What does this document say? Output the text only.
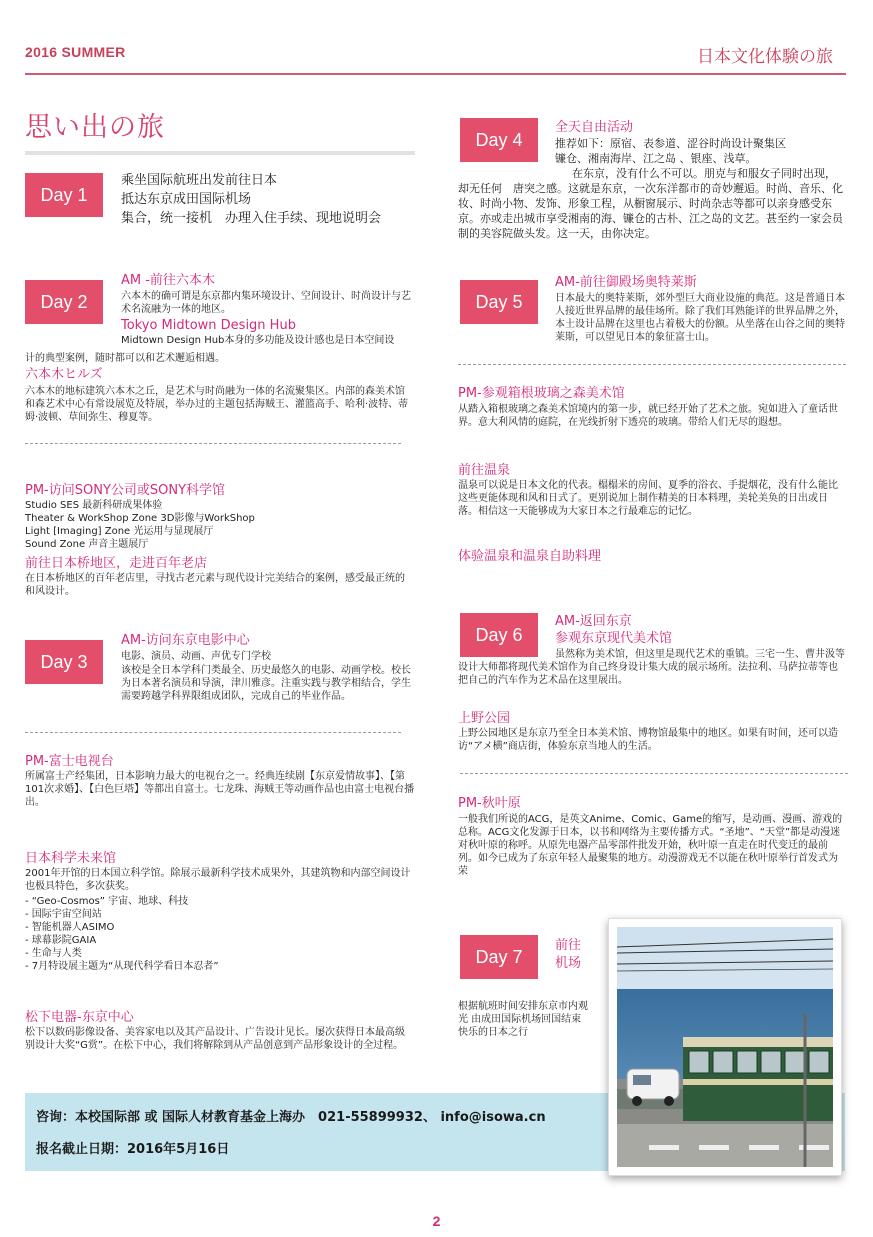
2016 SUMMER	日本文化体験の旅
思い出の旅
Day 1

乘坐国际航班出发前往日本

抵达东京成田国际机场

集合，统一接机　办理入住手续、现地说明会

Day 2
AM -前往六本木
六本木的确可谓是东京都内集环境设计、空间设计、时尚设计与艺术名流融为一体的地区。
Tokyo Midtown Design Hub
Midtown Design Hub本身的多功能及设计感也是日本空间设
计的典型案例，随时都可以和艺术邂逅相遇。
六本木ヒルズ
六本木的地标建筑六本木之丘，是艺术与时尚融为一体的名流聚集区。内部的森美术馆和森艺术中心有常设展览及特展，举办过的主题包括海贼王、灌篮高手、哈利·波特、蒂姆·波顿、草间弥生、穆夏等。
PM-访问SONY公司或SONY科学馆

Studio SES 最新科研成果体验

Theater & WorkShop Zone 3D影像与WorkShop

Light [Imaging] Zone 光运用与显现展厅

Sound Zone 声音主题展厅

前往日本桥地区，走进百年老店
在日本桥地区的百年老店里，寻找古老元素与现代设计完美结合的案例，感受最正统的和风设计。
Day 3
AM-访问东京电影中心
电影、演员、动画、声优专门学校
该校是全日本学科门类最全、历史最悠久的电影、动画学校。校长为日本著名演员和导演，津川雅彦。注重实践与教学相结合，学生需要跨越学科界限组成团队，完成自己的毕业作品。
PM-富士电视台
所属富士产经集团，日本影响力最大的电视台之一。经典连续剧【东京爱情故事】、【第101次求婚】、【白色巨塔】等都出自富士。七龙珠、海贼王等动画作品也由富士电视台播出。
日本科学未来馆
2001年开馆的日本国立科学馆。除展示最新科学技术成果外，其建筑物和内部空间设计也极具特色，多次获奖。

- “Geo-Cosmos” 宇宙、地球、科技

- 国际宇宙空间站

- 智能机器人ASIMO

- 球幕影院GAIA

- 生命与人类

- 7月特设展主题为“从现代科学看日本忍者”

松下电器-东京中心
松下以数码影像设备、美容家电以及其产品设计、广告设计见长。屡次获得日本最高级别设计大奖“G赏”。在松下中心，我们将解除到从产品创意到产品形象设计的全过程。
Day 4
全天自由活动

推荐如下：原宿、表参道、涩谷时尚设计聚集区

镰仓、湘南海岸、江之岛 、银座、浅草。

在东京，没有什么不可以。朋克与和服女子同时出现，
却无任何　唐突之感。这就是东京，一次东洋都市的奇妙邂逅。时尚、音乐、化妆、时尚小物、发饰、形象工程，从橱窗展示、时尚杂志等都可以亲身感受东京。亦或走出城市享受湘南的海、镰仓的古朴、江之岛的文艺。甚至约一家会员制的美容院做头发。这一天，由你决定。
Day 5
AM-前往御殿场奥特莱斯
日本最大的奥特莱斯，郊外型巨大商业设施的典范。这是普通日本人接近世界品牌的最佳场所。除了我们耳熟能详的世界品牌之外，本土设计品牌在这里也占着极大的份额。从坐落在山谷之间的奥特莱斯，可以望见日本的象征富士山。
PM-参观箱根玻璃之森美术馆
从踏入箱根玻璃之森美术馆境内的第一步，就已经开始了艺术之旅。宛如进入了童话世界。意大利风情的庭院，在光线折射下透亮的玻璃。带给人们无尽的遐想。
前往温泉
温泉可以说是日本文化的代表。榻榻米的房间、夏季的浴衣、手提烟花，没有什么能比这些更能体现和风和日式了。更别说加上制作精美的日本料理，美轮美奂的日出或日落。相信这一天能够成为大家日本之行最难忘的记忆。
体验温泉和温泉自助料理
Day 6
AM-返回东京
参观东京现代美术馆
虽然称为美术馆，但这里是现代艺术的重镇。三宅一生、曹井汲等设计大师都将现代美术馆作为自己终身设计集大成的展示场所。法拉利、马萨拉蒂等也把自己的汽车作为艺术品在这里展出。
上野公园
上野公园地区是东京乃至全日本美术馆、博物馆最集中的地区。如果有时间，还可以造访“アメ横”商店街，体验东京当地人的生活。
PM-秋叶原
一般我们所说的ACG，是英文Anime、Comic、Game的缩写，是动画、漫画、游戏的总称。ACG文化发源于日本，以书和网络为主要传播方式。“圣地”、“天堂”都是动漫迷对秋叶原的称呼。从原先电器产品零部件批发开始，秋叶原一直走在时代变迁的最前列。如今已成为了东京年轻人最聚集的地方。动漫游戏无不以能在秋叶原举行首发式为荣
Day 7

前往

机场

根据航班时间安排东京市内观光 由成田国际机场回国结束快乐的日本之行
咨询：本校国际部 或 国际人材教育基金上海办　021-55899932、 info@isowa.cn
报名截止日期：2016年5月16日
2
